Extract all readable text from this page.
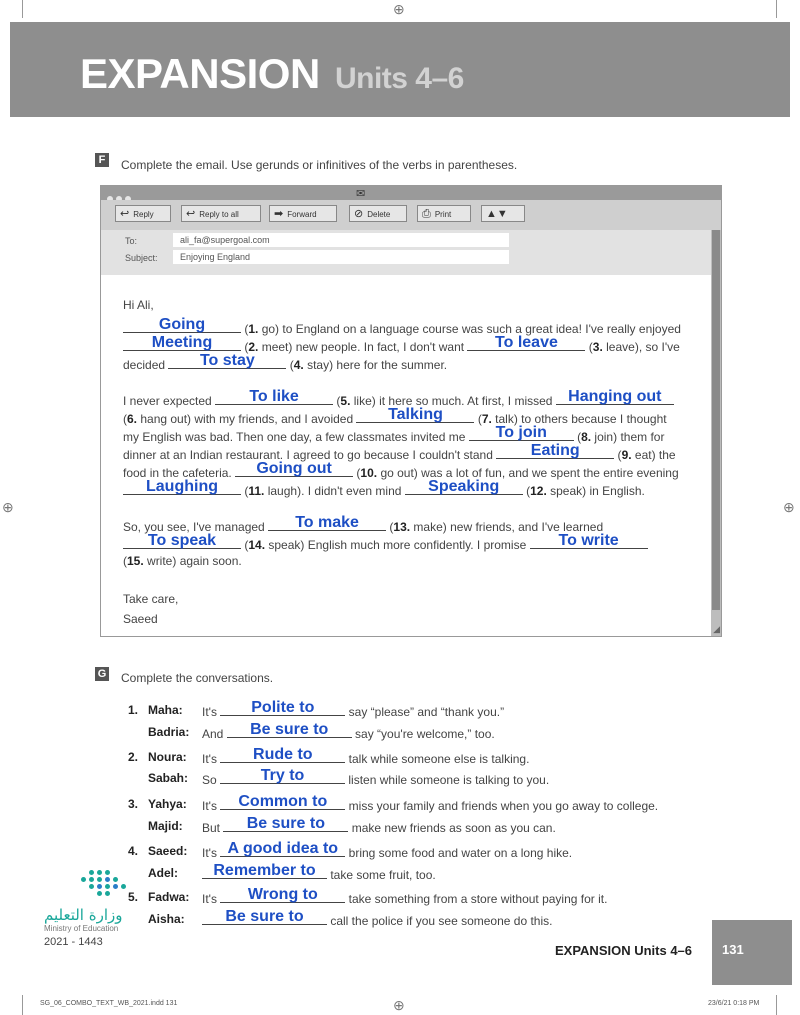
⊕
⊕	⊕
⊕
EXPANSION Units 4–6
F	Complete the email. Use gerunds or infinitives of the verbs in parentheses.
✉
↩ Reply	↩ Reply to all	➡ Forward	⊘ Delete	⎙ Print	▲▼
To:	ali_fa@supergoal.com
Subject:	Enjoying England
◢
Hi Ali,
Going	(1. go) to England on a language course was such a great idea! I've really enjoyed
Meeting	(2. meet) new people. In fact, I don't want	To leave	(3. leave), so I've
decided	To stay	(4. stay) here for the summer.
I never expected	To like	(5. like) it here so much. At first, I missed Hanging out
(6. hang out) with my friends, and I avoided	Talking	(7. talk) to others because I thought
my English was bad. Then one day, a few classmates invited me	To join	(8. join) them for
dinner at an Indian restaurant. I agreed to go because I couldn't stand	Eating	(9. eat) the
food in the cafeteria.	Going out	(10. go out) was a lot of fun, and we spent the entire evening
Laughing	(11. laugh). I didn't even mind	Speaking	(12. speak) in English.
So, you see, I've managed	To make	(13. make) new friends, and I've learned
To speak	(14. speak) English much more confidently. I promise	To write
(15. write) again soon.
Take care,
Saeed
G Complete the conversations.
1. Maha: It's	Polite to	say “please” and “thank you.”
Badria: And	Be sure to	say “you're welcome,” too.
2. Noura: It's	Rude to	talk while someone else is talking.
Sabah: So	Try to	listen while someone is talking to you.
3. Yahya: It's	Common to	miss your family and friends when you go away to college.
Majid: But	Be sure to	make new friends as soon as you can.
4. Saeed: It's A good idea to bring some food and water on a long hike.
Adel:	Remember to	take some fruit, too.
5. Fadwa: It's	Wrong to	take something from a store without paying for it.
Aisha:	Be sure to	call the police if you see someone do this.
وزارة التعليم
Ministry of Education
2021 - 1443
EXPANSION Units 4–6 131
SG_06_COMBO_TEXT_WB_2021.indd 131	23/6/21 0:18 PM
